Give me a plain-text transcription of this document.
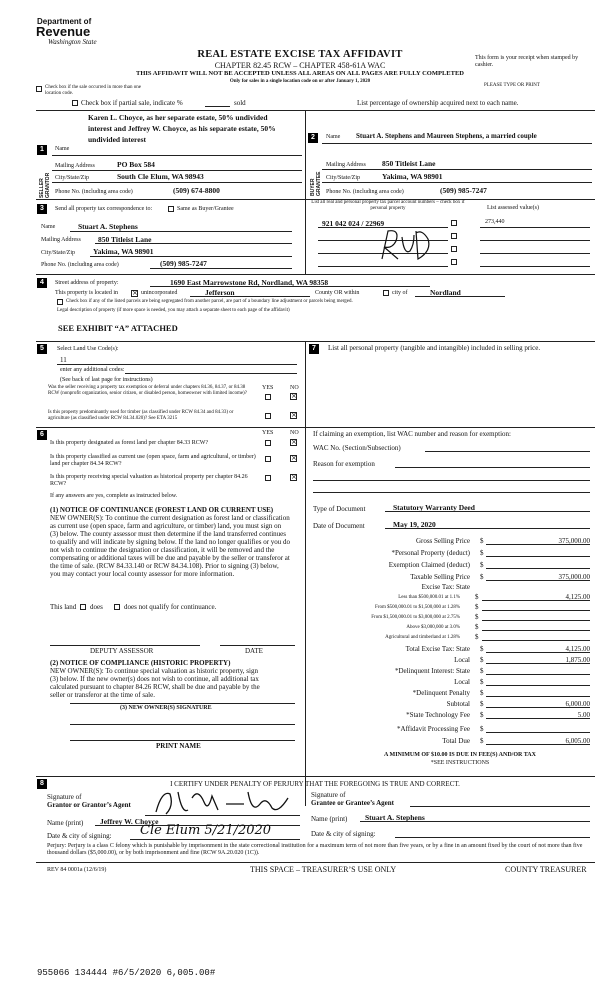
Department of
Revenue
Washington State
REAL ESTATE EXCISE TAX AFFIDAVIT
CHAPTER 82.45 RCW – CHAPTER 458-61A WAC
THIS AFFIDAVIT WILL NOT BE ACCEPTED UNLESS ALL AREAS ON ALL PAGES ARE FULLY COMPLETED
Only for sales in a single location code on or after January 1, 2020
This form is your receipt when stamped by cashier.
PLEASE TYPE OR PRINT
Check box if the sale occurred in more than one location code.
Check box if partial sale, indicate %	sold	List percentage of ownership acquired next to each name.
1
SELLER GRANTOR
Name
Karen L. Choyce, as her separate estate, 50% undivided
interest and Jeffrey W. Choyce, as his separate estate, 50%
undivided interest
Mailing Address	PO Box 584
City/State/Zip	South Cle Elum, WA 98943
Phone No. (including area code)	(509) 674-8800
2
BUYER GRANTEE
Name Stuart A. Stephens and Maureen Stephens, a married couple
Mailing Address 850 Titleist Lane
City/State/Zip	Yakima, WA 98901
Phone No. (including area code)	(509) 985-7247
3	Send all property tax correspondence to:	Same as Buyer/Grantee
Name	Stuart A. Stephens
Mailing Address 850 Titleist Lane
City/State/Zip Yakima, WA 98901
Phone No. (including area code)	(509) 985-7247
List all real and personal property tax parcel account numbers – check box if personal property	List assessed value(s)
921 042 024 / 22969	273,440
4	Street address of property:	1690 East Marrowstone Rd, Nordland, WA 98358
This property is located in × unincorporated	Jefferson	County OR within	city of	Nordland
Check box if any of the listed parcels are being segregated from another parcel, are part of a boundary line adjustment or parcels being merged.
Legal description of property (if more space is needed, you may attach a separate sheet to each page of the affidavit)
SEE EXHIBIT “A” ATTACHED
5	Select Land Use Code(s):
11
enter any additional codes:
(See back of last page for instructions)
YES	NO
Was the seller receiving a property tax exemption or deferral under chapters 84.36, 84.37, or 84.38 RCW (nonprofit organization, senior citizen, or disabled person, homeowner with limited income)?	×
Is this property predominantly used for timber (as classified under RCW 84.34 and 84.33) or agriculture (as classified under RCW 84.34.020)? See ETA 3215	×
6	YES	NO
Is this property designated as forest land per chapter 84.33 RCW?	×
Is this property classified as current use (open space, farm and agricultural, or timber) land per chapter 84.34 RCW?
×
Is this property receiving special valuation as historical property per chapter 84.26 RCW?
×
If any answers are yes, complete as instructed below.
(1) NOTICE OF CONTINUANCE (FOREST LAND OR CURRENT USE)
NEW OWNER(S): To continue the current designation as forest land or classification
as current use (open space, farm and agriculture, or timber) land, you must sign on
(3) below. The county assessor must then determine if the land transferred continues
to qualify and will indicate by signing below. If the land no longer qualifies or you do
not wish to continue the designation or classification, it will be removed and the
compensating or additional taxes will be due and payable by the seller or transferor at
the time of sale. (RCW 84.33.140 or RCW 84.34.108). Prior to signing (3) below,
you may contact your local county assessor for more information.
This land does	does not qualify for continuance.
DEPUTY ASSESSOR	DATE
(2) NOTICE OF COMPLIANCE (HISTORIC PROPERTY)
NEW OWNER(S): To continue special valuation as historic property, sign
(3) below. If the new owner(s) does not wish to continue, all additional tax
calculated pursuant to chapter 84.26 RCW, shall be due and payable by the
seller or transferor at the time of sale.
(3) NEW OWNER(S) SIGNATURE
PRINT NAME
7	List all personal property (tangible and intangible) included in selling price.
If claiming an exemption, list WAC number and reason for exemption:
WAC No. (Section/Subsection)
Reason for exemption
Type of Document	Statutory Warranty Deed
Date of Document	May 19, 2020
Gross Selling Price $	375,000.00
*Personal Property (deduct) $
Exemption Claimed (deduct) $
Taxable Selling Price $	375,000.00
Excise Tax: State
Less than $500,000.01 at 1.1% $	4,125.00
From $500,000.01 to $1,500,000 at 1.28% $
From $1,500,000.01 to $3,000,000 at 2.75% $
Above $3,000,000 at 3.0% $
Agricultural and timberland at 1.28% $
Total Excise Tax: State $	4,125.00
Local $	1,875.00
*Delinquent Interest: State $
Local $
*Delinquent Penalty $
Subtotal $	6,000.00
*State Technology Fee $	5.00
*Affidavit Processing Fee $
Total Due $	6,005.00
A MINIMUM OF $10.00 IS DUE IN FEE(S) AND/OR TAX
*SEE INSTRUCTIONS
8	I CERTIFY UNDER PENALTY OF PERJURY THAT THE FOREGOING IS TRUE AND CORRECT.
Signature of
Grantor or Grantor’s Agent
Signature of
Grantee or Grantee’s Agent
Name (print) Jeffrey W. Choyce	Name (print) Stuart A. Stephens
Date & city of signing: Cle Elum 5/21/2020	Date & city of signing:
Perjury: Perjury is a class C felony which is punishable by imprisonment in the state correctional institution for a maximum term of not more than five years, or by a fine in an amount fixed by the court of not more than five thousand dollars ($5,000.00), or by both imprisonment and fine (RCW 9A.20.020 (1C)).
REV 84 0001a (12/6/19)	THIS SPACE – TREASURER’S USE ONLY	COUNTY TREASURER
955066 134444 #6/5/2020 6,005.00#
